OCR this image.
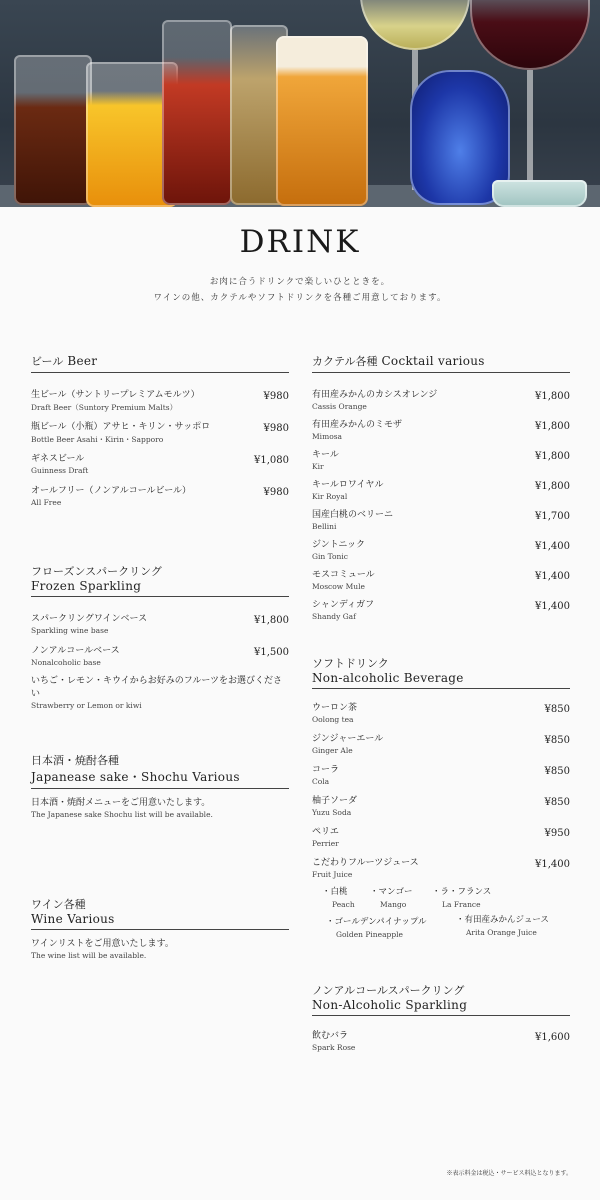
DRINK
お肉に合うドリンクで楽しいひとときを。
ワインの他、カクテルやソフトドリンクを各種ご用意しております。
ビール Beer
生ビール（サントリープレミアムモルツ）
Draft Beer（Suntory Premium Malts）
¥980
瓶ビール（小瓶）アサヒ・キリン・サッポロ
Bottle Beer Asahi・Kirin・Sapporo
¥980
ギネスビール
Guinness Draft
¥1,080
オールフリー（ノンアルコールビール）
All Free
¥980
フローズンスパークリング
Frozen Sparkling
スパークリングワインベース
Sparkling wine base
¥1,800
ノンアルコールベース
Nonalcoholic base
¥1,500
いちご・レモン・キウイからお好みのフルーツをお選びください
Strawberry or Lemon or kiwi
日本酒・焼酎各種
Japanease sake・Shochu Various
日本酒・焼酎メニューをご用意いたします。
The Japanese sake Shochu list will be available.
ワイン各種
Wine Various
ワインリストをご用意いたします。
The wine list will be available.
カクテル各種 Cocktail various
有田産みかんのカシスオレンジ
Cassis Orange
¥1,800
有田産みかんのミモザ
Mimosa
¥1,800
キール
Kir
¥1,800
キールロワイヤル
Kir Royal
¥1,800
国産白桃のベリーニ
Bellini
¥1,700
ジントニック
Gin Tonic
¥1,400
モスコミュール
Moscow Mule
¥1,400
シャンディガフ
Shandy Gaf
¥1,400
ソフトドリンク
Non-alcoholic Beverage
ウーロン茶
Oolong tea
¥850
ジンジャーエール
Ginger Ale
¥850
コーラ
Cola
¥850
柚子ソーダ
Yuzu Soda
¥850
ペリエ
Perrier
¥950
こだわりフルーツジュース
Fruit Juice
¥1,400
・白桃
Peach
・マンゴー
Mango
・ラ・フランス
La France
・ゴールデンパイナップル
Golden Pineapple
・有田産みかんジュース
Arita Orange Juice
ノンアルコールスパークリング
Non-Alcoholic Sparkling
飲むバラ
Spark Rose
¥1,600
※表示料金は税込・サービス料込となります。
